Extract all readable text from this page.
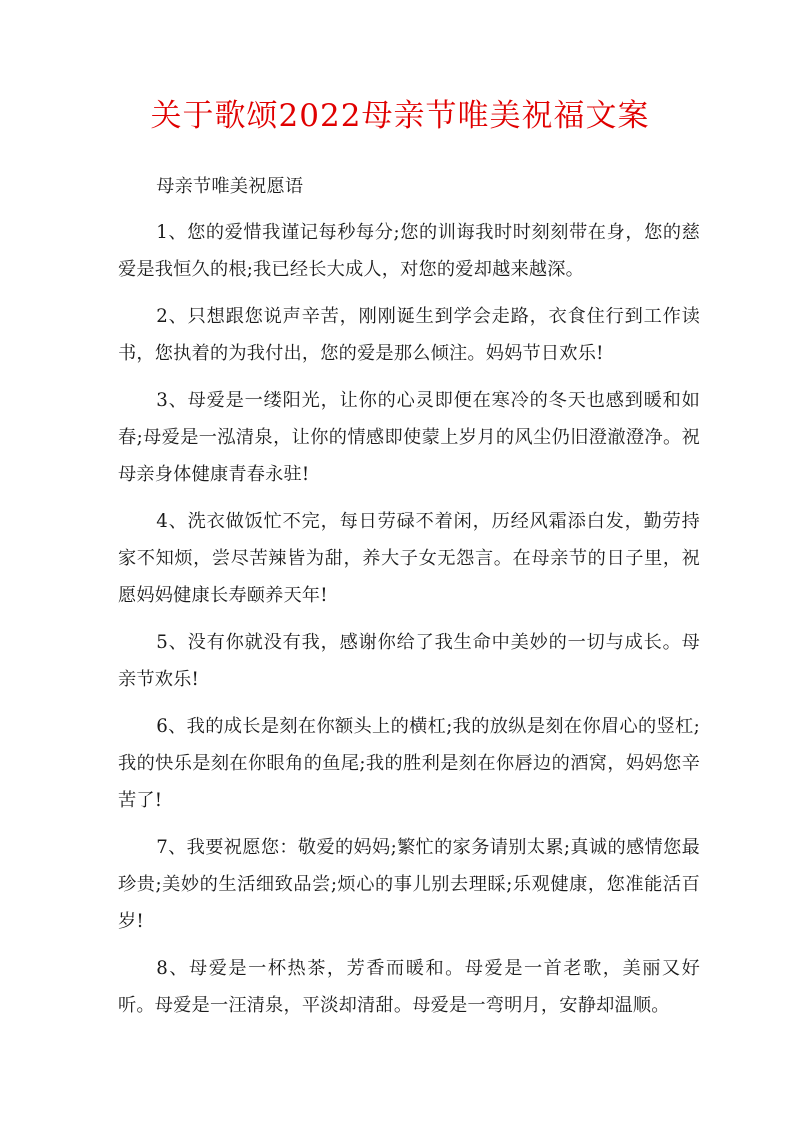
关于歌颂2022母亲节唯美祝福文案

母亲节唯美祝愿语

1、您的爱惜我谨记每秒每分;您的训诲我时时刻刻带在身，您的慈爱是我恒久的根;我已经长大成人，对您的爱却越来越深。

2、只想跟您说声辛苦，刚刚诞生到学会走路，衣食住行到工作读书，您执着的为我付出，您的爱是那么倾注。妈妈节日欢乐!

3、母爱是一缕阳光，让你的心灵即便在寒冷的冬天也感到暖和如春;母爱是一泓清泉，让你的情感即使蒙上岁月的风尘仍旧澄澈澄净。祝母亲身体健康青春永驻!

4、洗衣做饭忙不完，每日劳碌不着闲，历经风霜添白发，勤劳持家不知烦，尝尽苦辣皆为甜，养大子女无怨言。在母亲节的日子里，祝愿妈妈健康长寿颐养天年!

5、没有你就没有我，感谢你给了我生命中美妙的一切与成长。母亲节欢乐!

6、我的成长是刻在你额头上的横杠;我的放纵是刻在你眉心的竖杠;我的快乐是刻在你眼角的鱼尾;我的胜利是刻在你唇边的酒窝，妈妈您辛苦了!

7、我要祝愿您：敬爱的妈妈;繁忙的家务请别太累;真诚的感情您最珍贵;美妙的生活细致品尝;烦心的事儿别去理睬;乐观健康，您准能活百岁!

8、母爱是一杯热茶，芳香而暖和。母爱是一首老歌，美丽又好听。母爱是一汪清泉，平淡却清甜。母爱是一弯明月，安静却温顺。
